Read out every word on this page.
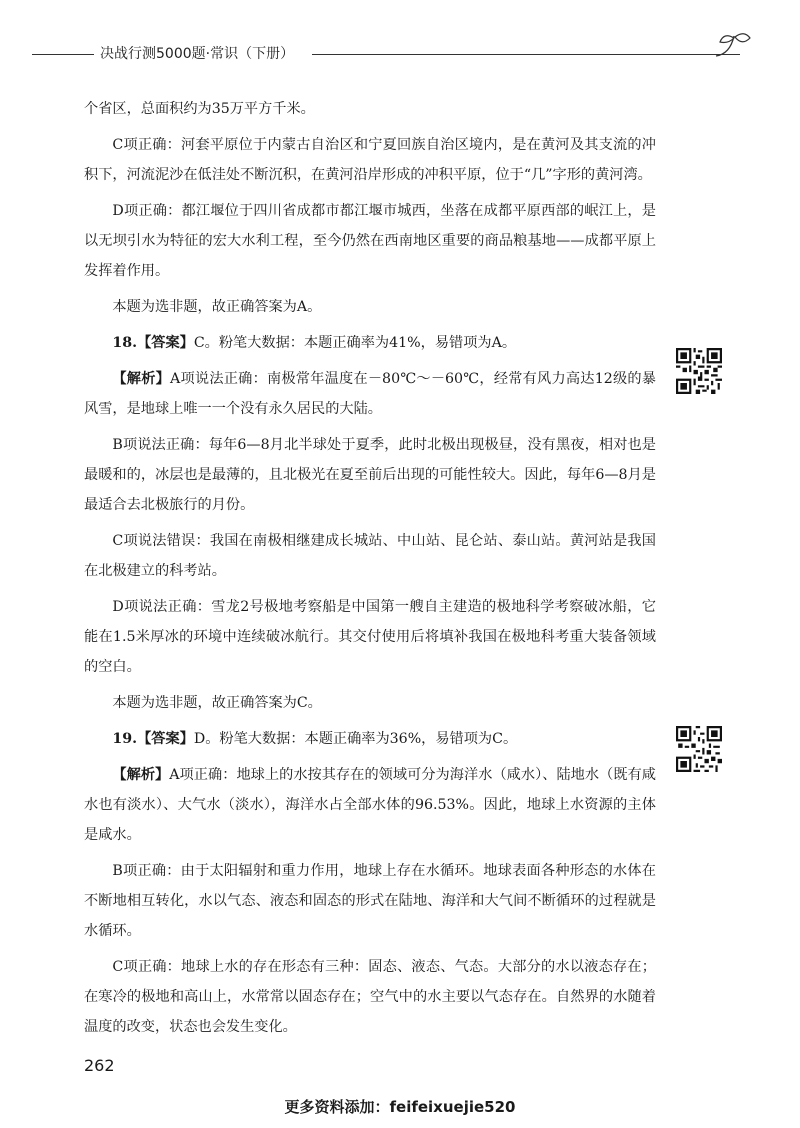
决战行测5000题·常识（下册）

个省区，总面积约为35万平方千米。

C项正确：河套平原位于内蒙古自治区和宁夏回族自治区境内，是在黄河及其支流的冲积下，河流泥沙在低洼处不断沉积，在黄河沿岸形成的冲积平原，位于“几”字形的黄河湾。

D项正确：都江堰位于四川省成都市都江堰市城西，坐落在成都平原西部的岷江上，是以无坝引水为特征的宏大水利工程，至今仍然在西南地区重要的商品粮基地——成都平原上发挥着作用。

本题为选非题，故正确答案为A。

18.【答案】C。粉笔大数据：本题正确率为41%，易错项为A。

【解析】A项说法正确：南极常年温度在－80℃～－60℃，经常有风力高达12级的暴风雪，是地球上唯一一个没有永久居民的大陆。

B项说法正确：每年6—8月北半球处于夏季，此时北极出现极昼，没有黑夜，相对也是最暖和的，冰层也是最薄的，且北极光在夏至前后出现的可能性较大。因此，每年6—8月是最适合去北极旅行的月份。

C项说法错误：我国在南极相继建成长城站、中山站、昆仑站、泰山站。黄河站是我国在北极建立的科考站。

D项说法正确：雪龙2号极地考察船是中国第一艘自主建造的极地科学考察破冰船，它能在1.5米厚冰的环境中连续破冰航行。其交付使用后将填补我国在极地科考重大装备领域的空白。

本题为选非题，故正确答案为C。

19.【答案】D。粉笔大数据：本题正确率为36%，易错项为C。

【解析】A项正确：地球上的水按其存在的领域可分为海洋水（咸水）、陆地水（既有咸水也有淡水）、大气水（淡水），海洋水占全部水体的96.53%。因此，地球上水资源的主体是咸水。

B项正确：由于太阳辐射和重力作用，地球上存在水循环。地球表面各种形态的水体在不断地相互转化，水以气态、液态和固态的形式在陆地、海洋和大气间不断循环的过程就是水循环。

C项正确：地球上水的存在形态有三种：固态、液态、气态。大部分的水以液态存在；在寒冷的极地和高山上，水常常以固态存在；空气中的水主要以气态存在。自然界的水随着温度的改变，状态也会发生变化。

262
更多资料添加：feifeixuejie520
